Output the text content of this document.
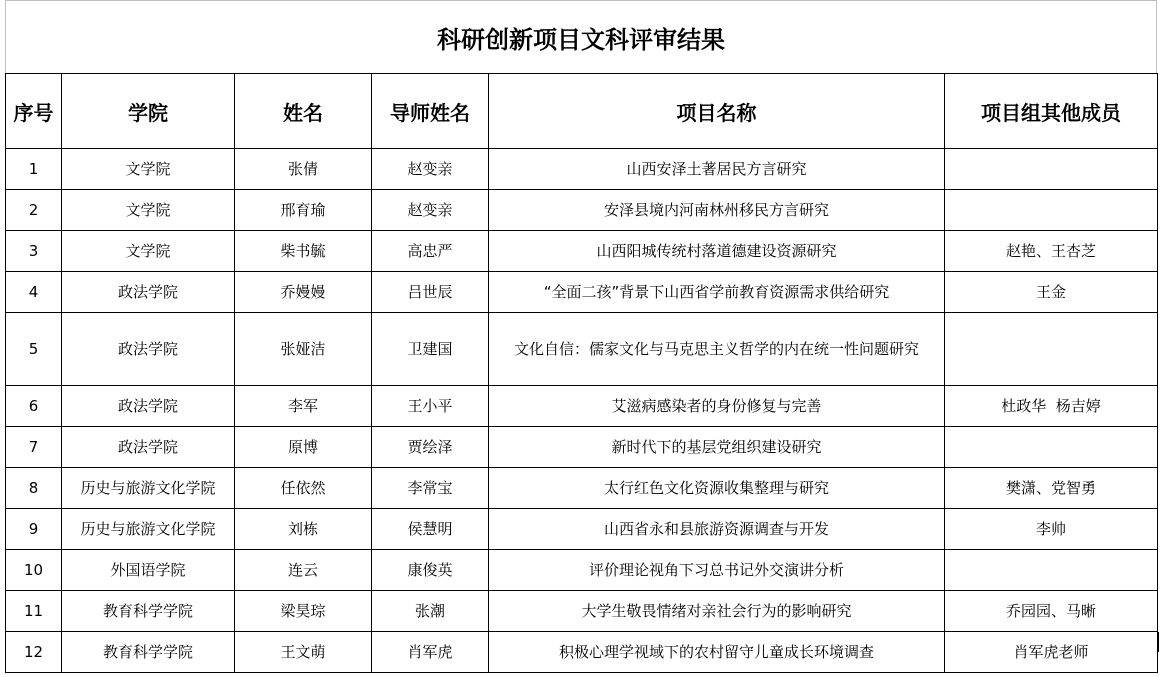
科研创新项目文科评审结果
序号	学院	姓名	导师姓名	项目名称	项目组其他成员
1	文学院	张倩	赵变亲	山西安泽土著居民方言研究	
2	文学院	邢育瑜	赵变亲	安泽县境内河南林州移民方言研究	
3	文学院	柴书毓	高忠严	山西阳城传统村落道德建设资源研究	赵艳、王杏芝
4	政法学院	乔嫚嫚	吕世辰	“全面二孩”背景下山西省学前教育资源需求供给研究	王金
5	政法学院	张娅洁	卫建国	文化自信：儒家文化与马克思主义哲学的内在统一性问题研究	
6	政法学院	李军	王小平	艾滋病感染者的身份修复与完善	杜政华  杨吉婷
7	政法学院	原博	贾绘泽	新时代下的基层党组织建设研究	
8	历史与旅游文化学院	任依然	李常宝	太行红色文化资源收集整理与研究	樊潇、党智勇
9	历史与旅游文化学院	刘栋	侯慧明	山西省永和县旅游资源调查与开发	李帅
10	外国语学院	连云	康俊英	评价理论视角下习总书记外交演讲分析	
11	教育科学学院	梁昊琮	张潮	大学生敬畏情绪对亲社会行为的影响研究	乔园园、马晰
12	教育科学学院	王文萌	肖军虎	积极心理学视域下的农村留守儿童成长环境调查	肖军虎老师
